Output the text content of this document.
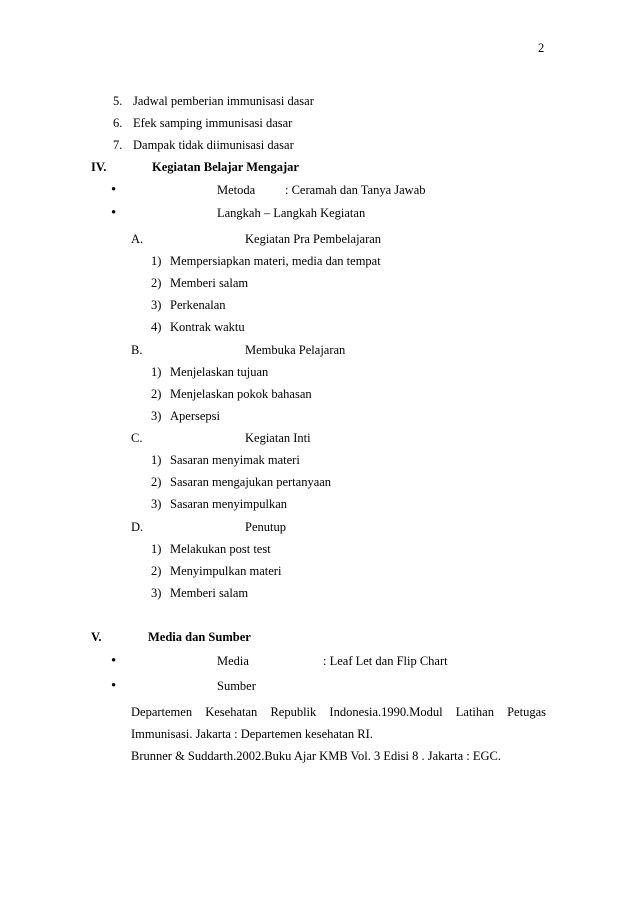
2
5. Jadwal pemberian immunisasi dasar
6. Efek samping immunisasi dasar
7. Dampak tidak diimunisasi dasar
IV.	Kegiatan Belajar Mengajar
•	Metoda : Ceramah dan Tanya Jawab
•	Langkah – Langkah Kegiatan
A.	Kegiatan Pra Pembelajaran
1) Mempersiapkan materi, media dan tempat
2) Memberi salam
3) Perkenalan
4) Kontrak waktu
B.	Membuka Pelajaran
1) Menjelaskan tujuan
2) Menjelaskan pokok bahasan
3) Apersepsi
C.	Kegiatan Inti
1) Sasaran menyimak materi
2) Sasaran mengajukan pertanyaan
3) Sasaran menyimpulkan
D.	Penutup
1) Melakukan post test
2) Menyimpulkan materi
3) Memberi salam
V.	Media dan Sumber
•	Media	: Leaf Let dan Flip Chart
•	Sumber
Departemen Kesehatan Republik Indonesia.1990.Modul Latihan Petugas
Immunisasi. Jakarta : Departemen kesehatan RI.
Brunner & Suddarth.2002.Buku Ajar KMB Vol. 3 Edisi 8 . Jakarta : EGC.
